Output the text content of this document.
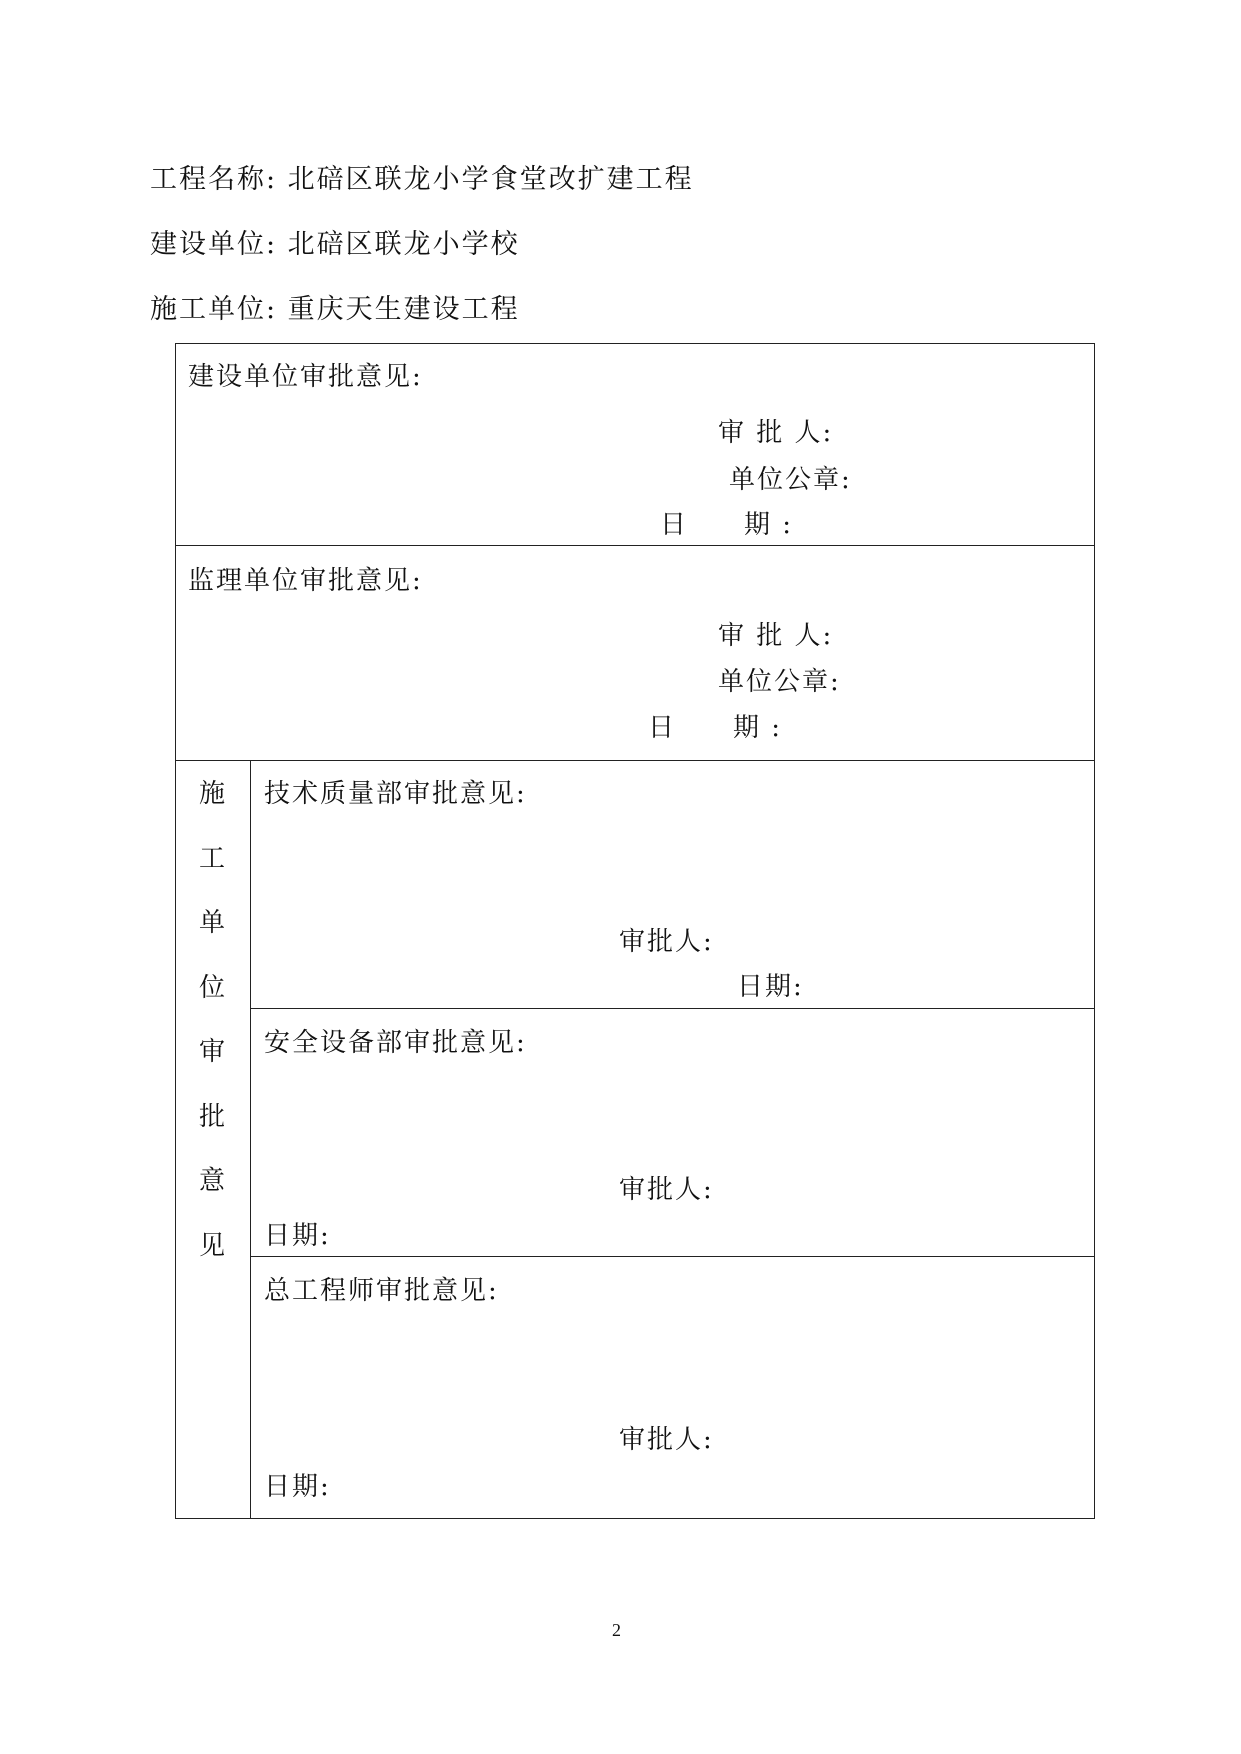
工程名称: 北碚区联龙小学食堂改扩建工程
建设单位: 北碚区联龙小学校
施工单位: 重庆天生建设工程
建设单位审批意见:
审 批 人:
单位公章:
日 期 :
监理单位审批意见:
审 批 人:
单位公章:
日 期 :
施
工
单
位
审
批
意
见
技术质量部审批意见:
审批人:
日期:
安全设备部审批意见:
审批人:
日期:
总工程师审批意见:
审批人:
日期:
2
